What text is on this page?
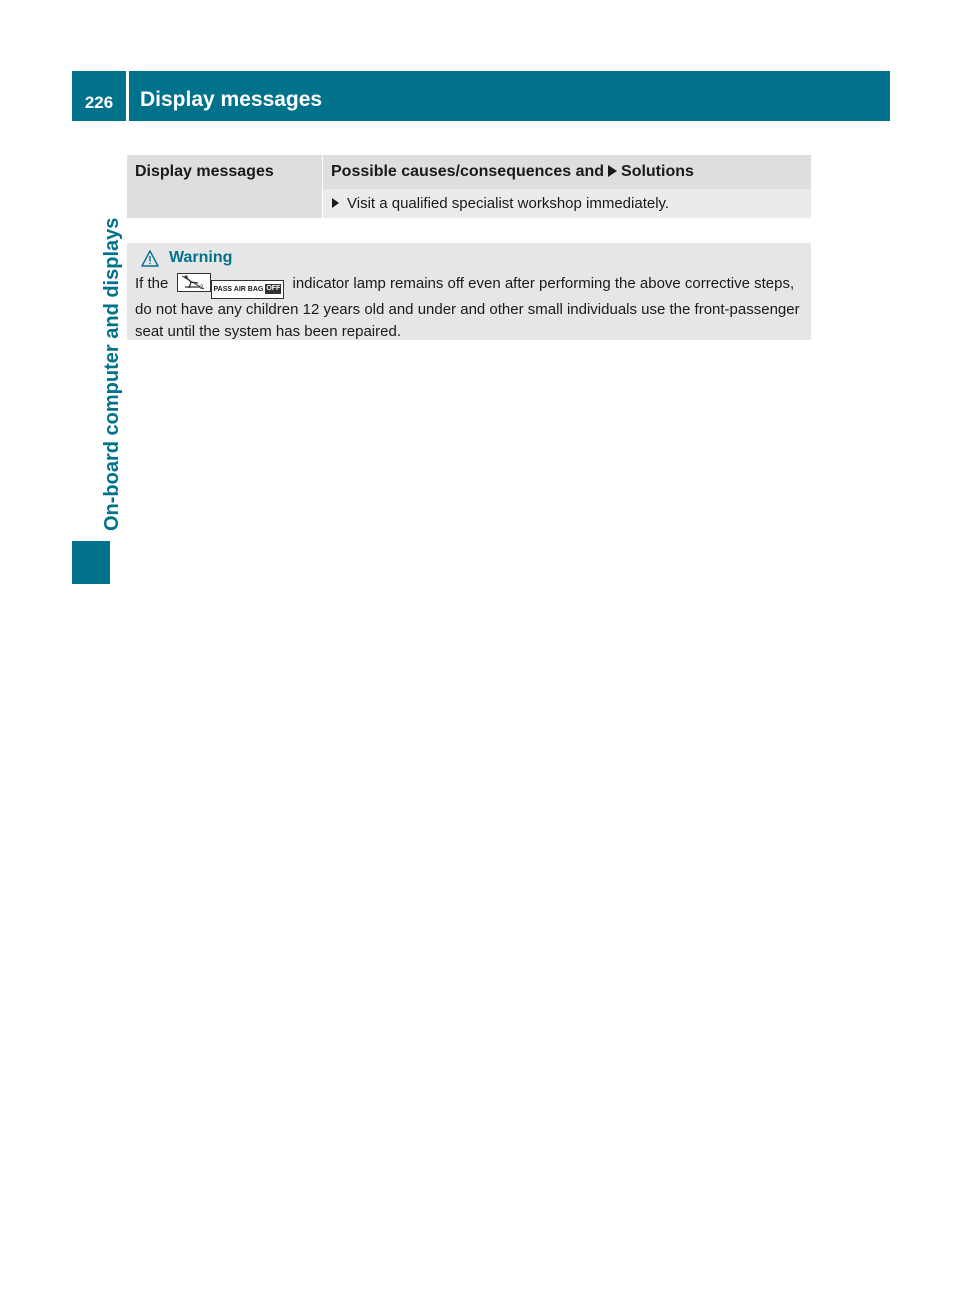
226 Display messages
On-board computer and displays
Display messages	Possible causes/consequences and Solutions
	Visit a qualified specialist workshop immediately.
Warning
If the	2 PASS AIR BAG OFF indicator lamp remains off even after performing the above corrective steps, do not have any children 12 years old and under and other small individuals use the front-passenger seat until the system has been repaired.
